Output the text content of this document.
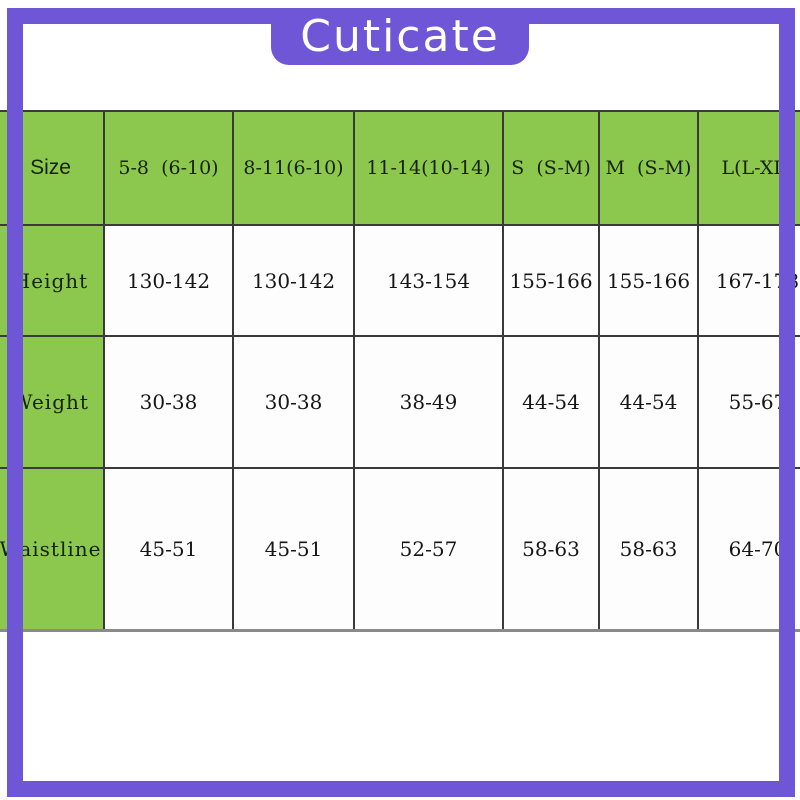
Size	5-8  (6-10)	8-11(6-10)	11-14(10-14)	S  (S-M)	M  (S-M)	L(L-XL)
Height	130-142	130-142	143-154	155-166	155-166	167-178
Weight	30-38	30-38	38-49	44-54	44-54	55-67
Waistline	45-51	45-51	52-57	58-63	58-63	64-70
Cuticate
